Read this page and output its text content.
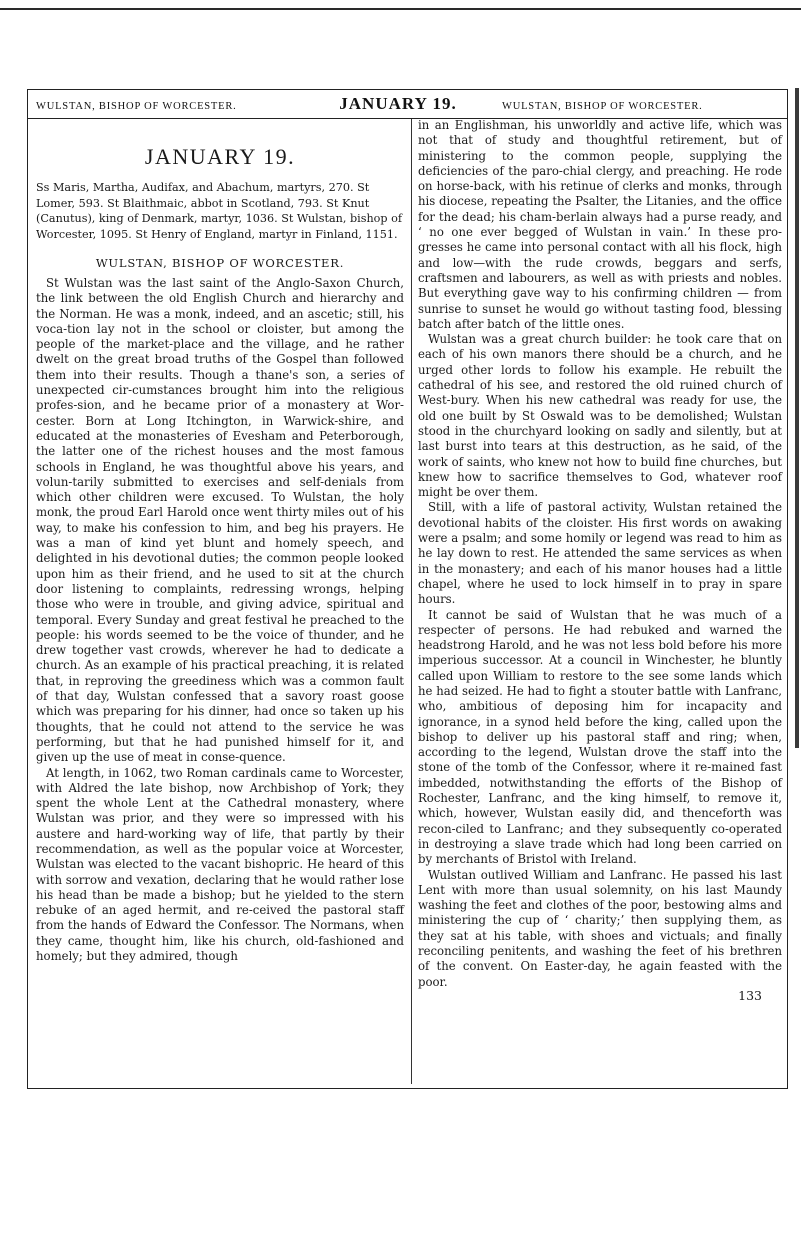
WULSTAN, BISHOP OF WORCESTER.	JANUARY 19.	WULSTAN, BISHOP OF WORCESTER.
JANUARY 19.

Ss Maris, Martha, Audifax, and Abachum, martyrs, 270. St Lomer, 593. St Blaithmaic, abbot in Scotland, 793. St Knut (Canutus), king of Denmark, martyr, 1036. St Wulstan, bishop of Worcester, 1095. St Henry of England, martyr in Finland, 1151.

WULSTAN, BISHOP OF WORCESTER.

St Wulstan was the last saint of the Anglo-Saxon Church, the link between the old English Church and hierarchy and the Norman. He was a monk, indeed, and an ascetic; still, his voca-tion lay not in the school or cloister, but among the people of the market-place and the village, and he rather dwelt on the great broad truths of the Gospel than followed them into their results. Though a thane's son, a series of unexpected cir-cumstances brought him into the religious profes-sion, and he became prior of a monastery at Wor-cester. Born at Long Itchington, in Warwick-shire, and educated at the monasteries of Evesham and Peterborough, the latter one of the richest houses and the most famous schools in England, he was thoughtful above his years, and volun-tarily submitted to exercises and self-denials from which other children were excused. To Wulstan, the holy monk, the proud Earl Harold once went thirty miles out of his way, to make his confession to him, and beg his prayers. He was a man of kind yet blunt and homely speech, and delighted in his devotional duties; the common people looked upon him as their friend, and he used to sit at the church door listening to complaints, redressing wrongs, helping those who were in trouble, and giving advice, spiritual and temporal. Every Sunday and great festival he preached to the people: his words seemed to be the voice of thunder, and he drew together vast crowds, wherever he had to dedicate a church. As an example of his practical preaching, it is related that, in reproving the greediness which was a common fault of that day, Wulstan confessed that a savory roast goose which was preparing for his dinner, had once so taken up his thoughts, that he could not attend to the service he was performing, but that he had punished himself for it, and given up the use of meat in conse-quence.

At length, in 1062, two Roman cardinals came to Worcester, with Aldred the late bishop, now Archbishop of York; they spent the whole Lent at the Cathedral monastery, where Wulstan was prior, and they were so impressed with his austere and hard-working way of life, that partly by their recommendation, as well as the popular voice at Worcester, Wulstan was elected to the vacant bishopric. He heard of this with sorrow and vexation, declaring that he would rather lose his head than be made a bishop; but he yielded to the stern rebuke of an aged hermit, and re-ceived the pastoral staff from the hands of Edward the Confessor. The Normans, when they came, thought him, like his church, old-fashioned and homely; but they admired, though

in an Englishman, his unworldly and active life, which was not that of study and thoughtful retirement, but of ministering to the common people, supplying the deficiencies of the paro-chial clergy, and preaching. He rode on horse-back, with his retinue of clerks and monks, through his diocese, repeating the Psalter, the Litanies, and the office for the dead; his cham-berlain always had a purse ready, and ‘ no one ever begged of Wulstan in vain.’ In these pro-gresses he came into personal contact with all his flock, high and low—with the rude crowds, beggars and serfs, craftsmen and labourers, as well as with priests and nobles. But everything gave way to his confirming children — from sunrise to sunset he would go without tasting food, blessing batch after batch of the little ones.

Wulstan was a great church builder: he took care that on each of his own manors there should be a church, and he urged other lords to follow his example. He rebuilt the cathedral of his see, and restored the old ruined church of West-bury. When his new cathedral was ready for use, the old one built by St Oswald was to be demolished; Wulstan stood in the churchyard looking on sadly and silently, but at last burst into tears at this destruction, as he said, of the work of saints, who knew not how to build fine churches, but knew how to sacrifice themselves to God, whatever roof might be over them.

Still, with a life of pastoral activity, Wulstan retained the devotional habits of the cloister. His first words on awaking were a psalm; and some homily or legend was read to him as he lay down to rest. He attended the same services as when in the monastery; and each of his manor houses had a little chapel, where he used to lock himself in to pray in spare hours.

It cannot be said of Wulstan that he was much of a respecter of persons. He had rebuked and warned the headstrong Harold, and he was not less bold before his more imperious successor. At a council in Winchester, he bluntly called upon William to restore to the see some lands which he had seized. He had to fight a stouter battle with Lanfranc, who, ambitious of deposing him for incapacity and ignorance, in a synod held before the king, called upon the bishop to deliver up his pastoral staff and ring; when, according to the legend, Wulstan drove the staff into the stone of the tomb of the Confessor, where it re-mained fast imbedded, notwithstanding the efforts of the Bishop of Rochester, Lanfranc, and the king himself, to remove it, which, however, Wulstan easily did, and thenceforth was recon-ciled to Lanfranc; and they subsequently co-operated in destroying a slave trade which had long been carried on by merchants of Bristol with Ireland.

Wulstan outlived William and Lanfranc. He passed his last Lent with more than usual solemnity, on his last Maundy washing the feet and clothes of the poor, bestowing alms and ministering the cup of ‘ charity;’ then supplying them, as they sat at his table, with shoes and victuals; and finally reconciling penitents, and washing the feet of his brethren of the convent. On Easter-day, he again feasted with the poor.

133
